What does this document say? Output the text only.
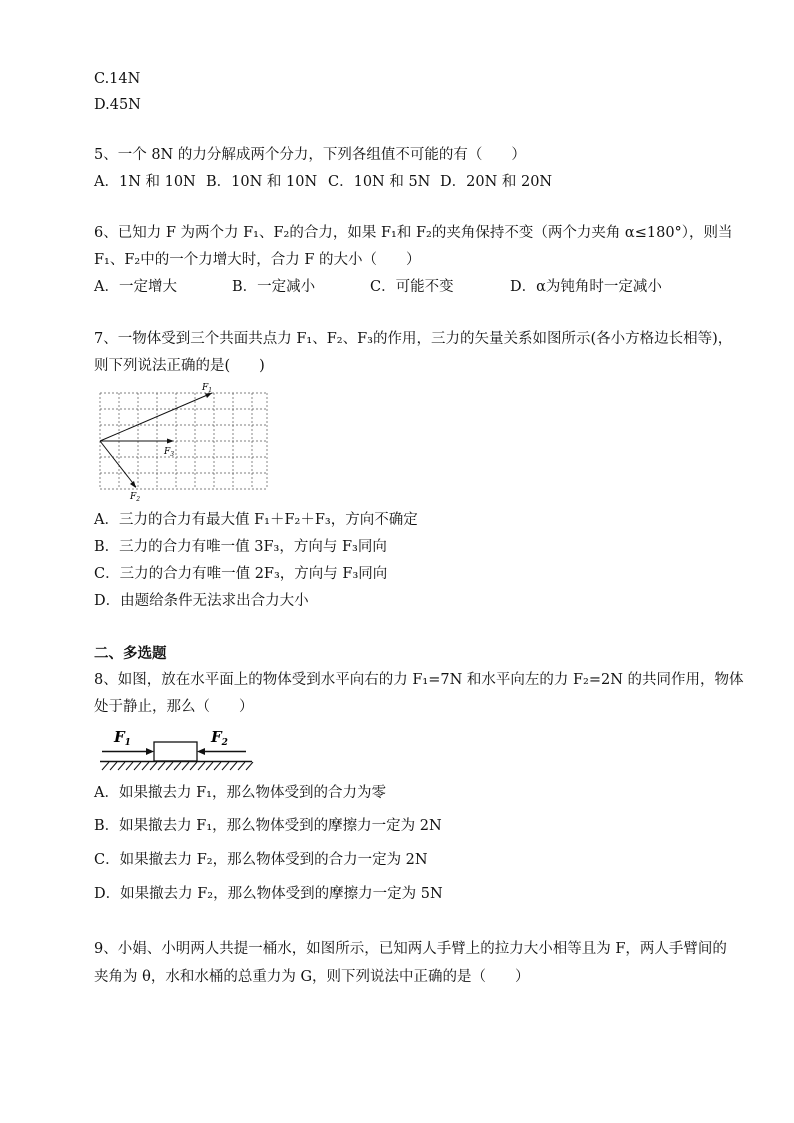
C.14N
D.45N
5、一个 8N 的力分解成两个分力，下列各组值不可能的有（　　）
A．1N 和 10N B．10N 和 10N C．10N 和 5N D．20N 和 20N
6、已知力 F 为两个力 F₁、F₂的合力，如果 F₁和 F₂的夹角保持不变（两个力夹角 α≤180°），则当
F₁、F₂中的一个力增大时，合力 F 的大小（　　）
A．一定增大	B．一定减小	C．可能不变	D．α为钝角时一定减小
7、一物体受到三个共面共点力 F₁、F₂、F₃的作用，三力的矢量关系如图所示(各小方格边长相等)，
则下列说法正确的是(　　)
$F_1$
$F_3$
$F_2$
A．三力的合力有最大值 F₁＋F₂＋F₃，方向不确定
B．三力的合力有唯一值 3F₃，方向与 F₃同向
C．三力的合力有唯一值 2F₃，方向与 F₃同向
D．由题给条件无法求出合力大小
二、多选题
8、如图，放在水平面上的物体受到水平向右的力 F₁=7N 和水平向左的力 F₂=2N 的共同作用，物体
处于静止，那么（　　）
$F_1$	$F_2$
A．如果撤去力 F₁，那么物体受到的合力为零
B．如果撤去力 F₁，那么物体受到的摩擦力一定为 2N
C．如果撤去力 F₂，那么物体受到的合力一定为 2N
D．如果撤去力 F₂，那么物体受到的摩擦力一定为 5N
9、小娟、小明两人共提一桶水，如图所示，已知两人手臂上的拉力大小相等且为 F，两人手臂间的
夹角为 θ，水和水桶的总重力为 G，则下列说法中正确的是（　　）
